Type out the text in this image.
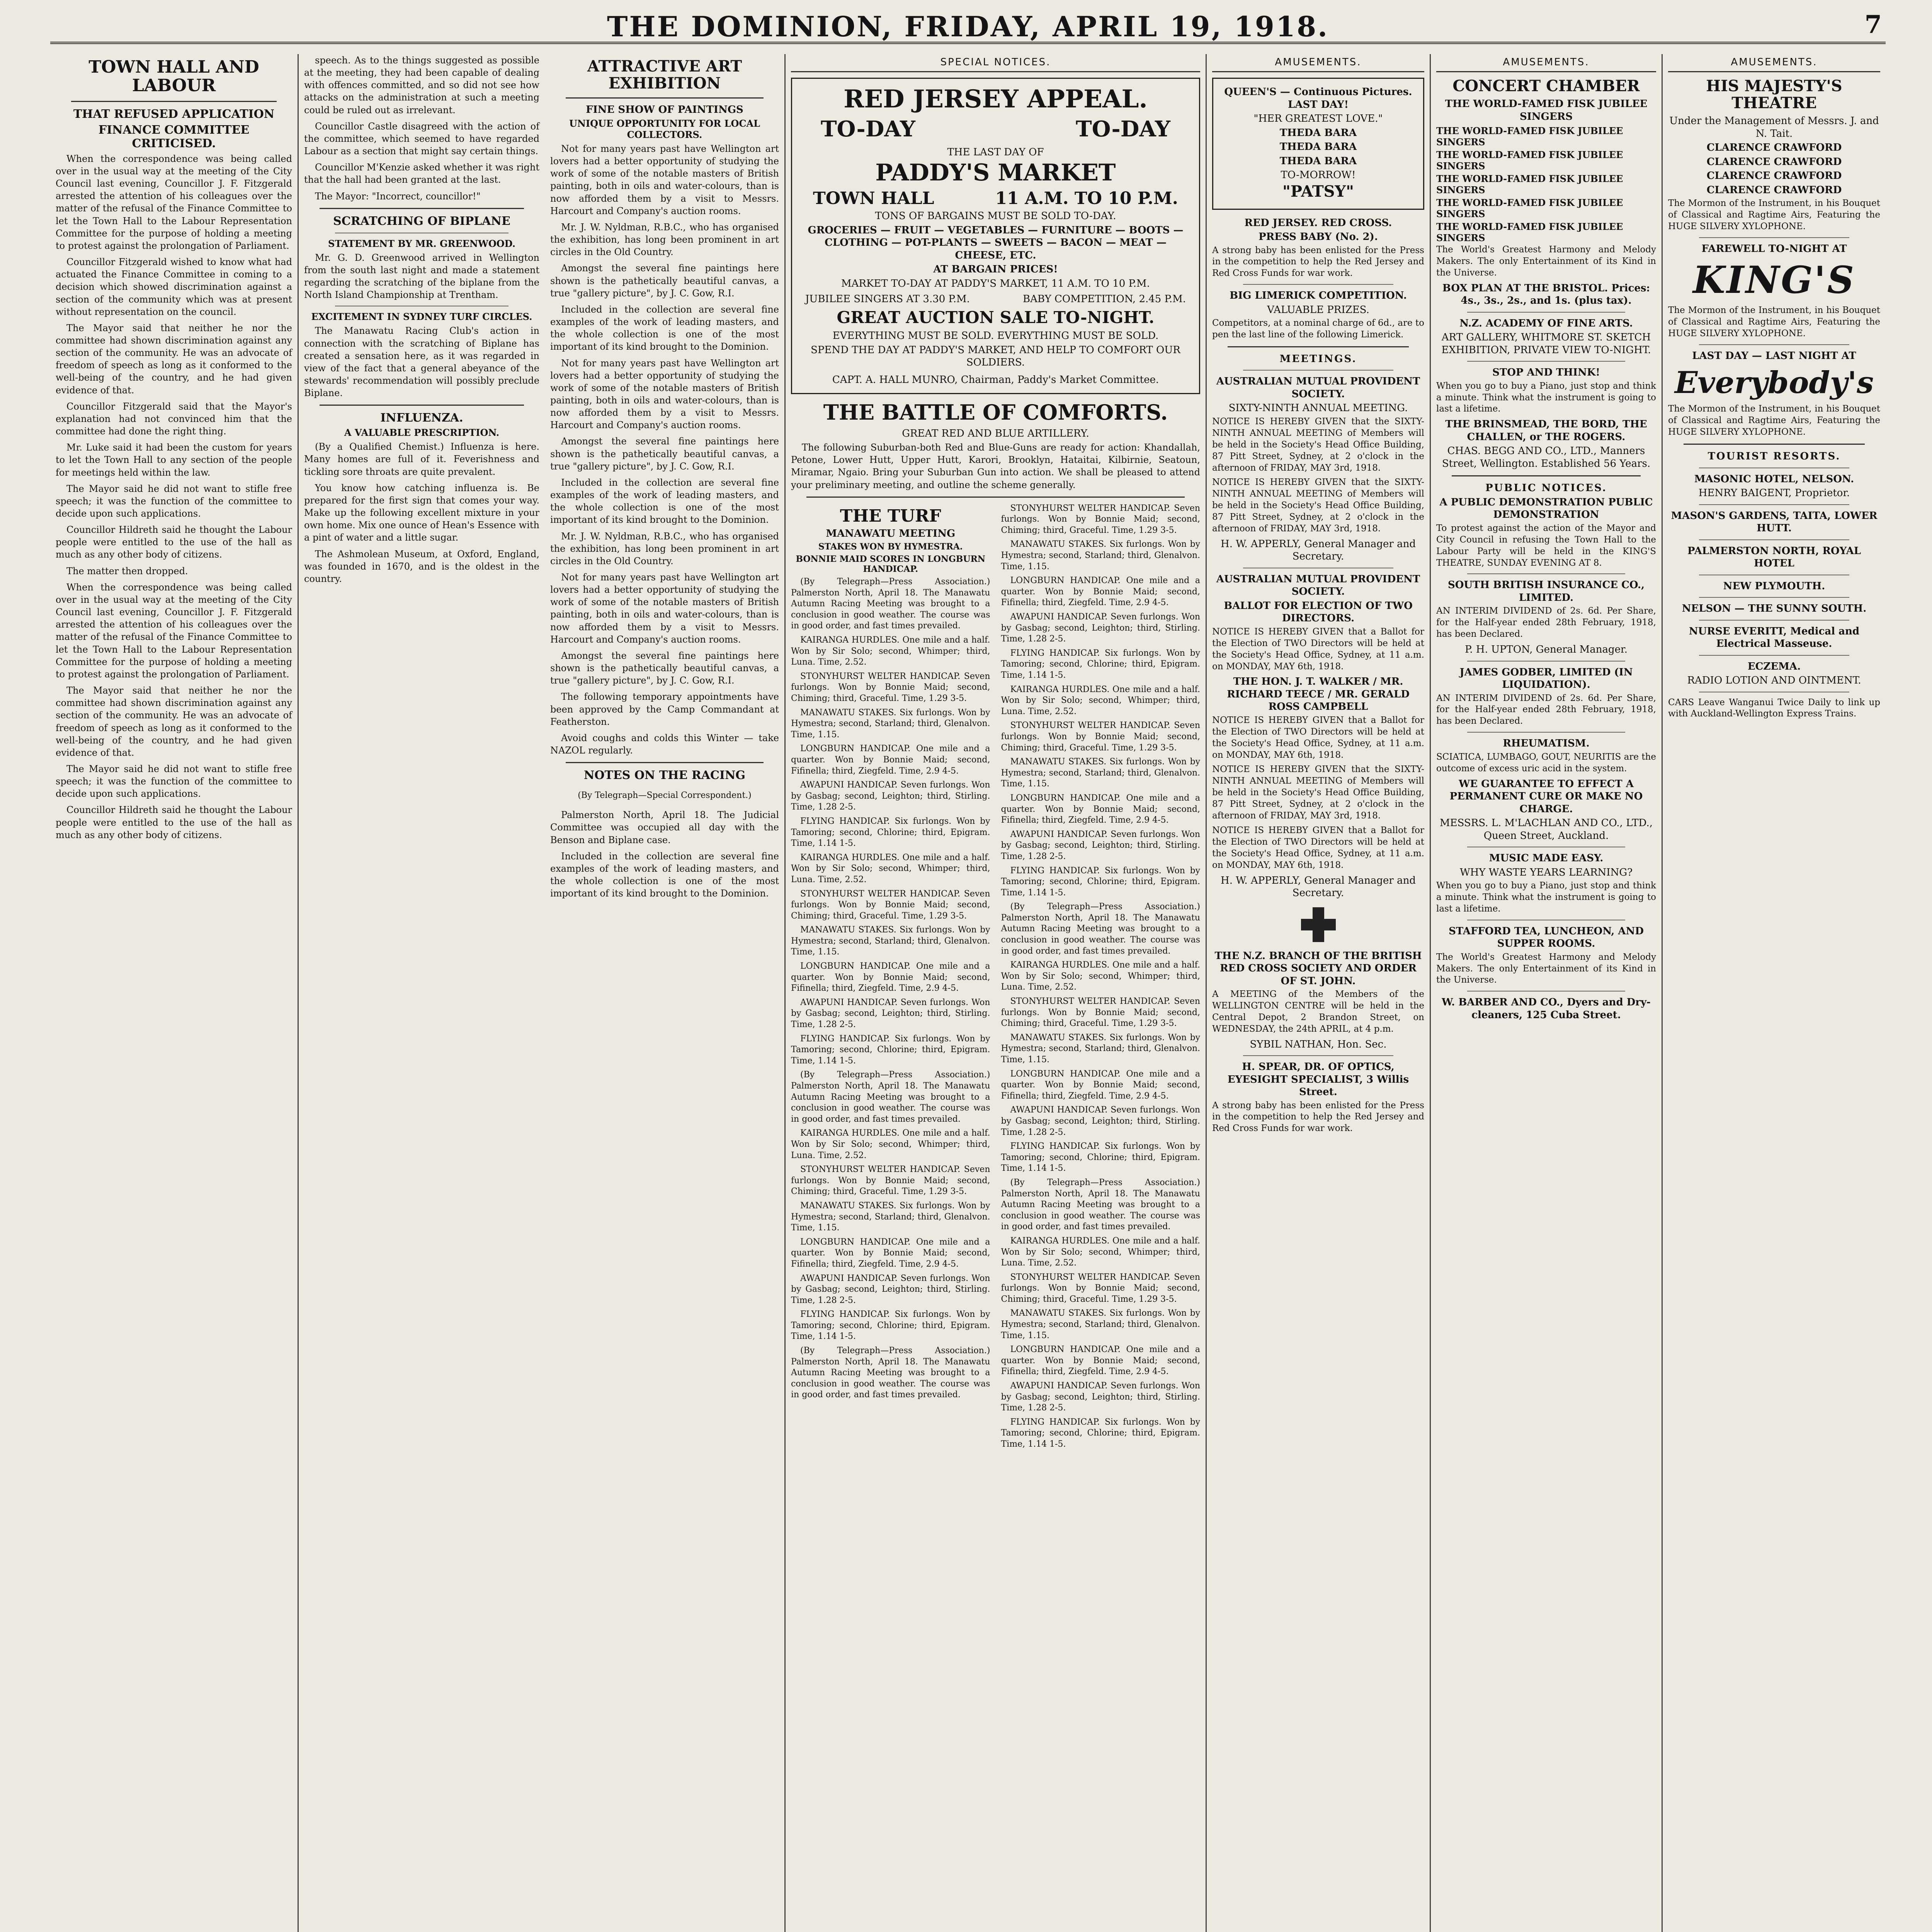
THE DOMINION, FRIDAY, APRIL 19, 1918.	7
TOWN HALL AND LABOUR
THAT REFUSED APPLICATION
FINANCE COMMITTEE CRITICISED.

When the correspondence was being called over in the usual way at the meeting of the City Council last evening, Councillor J. F. Fitzgerald arrested the attention of his colleagues over the matter of the refusal of the Finance Committee to let the Town Hall to the Labour Representation Committee for the purpose of holding a meeting to protest against the prolongation of Parliament.

Councillor Fitzgerald wished to know what had actuated the Finance Committee in coming to a decision which showed discrimination against a section of the community which was at present without representation on the council.

The Mayor said that neither he nor the committee had shown discrimination against any section of the community. He was an advocate of freedom of speech as long as it conformed to the well-being of the country, and he had given evidence of that.

Councillor Fitzgerald said that the Mayor's explanation had not convinced him that the committee had done the right thing.

Mr. Luke said it had been the custom for years to let the Town Hall to any section of the people for meetings held within the law.

The Mayor said he did not want to stifle free speech; it was the function of the committee to decide upon such applications.

Councillor Hildreth said he thought the Labour people were entitled to the use of the hall as much as any other body of citizens.

The matter then dropped.

When the correspondence was being called over in the usual way at the meeting of the City Council last evening, Councillor J. F. Fitzgerald arrested the attention of his colleagues over the matter of the refusal of the Finance Committee to let the Town Hall to the Labour Representation Committee for the purpose of holding a meeting to protest against the prolongation of Parliament.

The Mayor said that neither he nor the committee had shown discrimination against any section of the community. He was an advocate of freedom of speech as long as it conformed to the well-being of the country, and he had given evidence of that.

The Mayor said he did not want to stifle free speech; it was the function of the committee to decide upon such applications.

Councillor Hildreth said he thought the Labour people were entitled to the use of the hall as much as any other body of citizens.

speech. As to the things suggested as possible at the meeting, they had been capable of dealing with offences committed, and so did not see how attacks on the administration at such a meeting could be ruled out as irrelevant.

Councillor Castle disagreed with the action of the committee, which seemed to have regarded Labour as a section that might say certain things.

Councillor M'Kenzie asked whether it was right that the hall had been granted at the last.

The Mayor: "Incorrect, councillor!"

SCRATCHING OF BIPLANE
STATEMENT BY MR. GREENWOOD.

Mr. G. D. Greenwood arrived in Wellington from the south last night and made a statement regarding the scratching of the biplane from the North Island Championship at Trentham.

EXCITEMENT IN SYDNEY TURF CIRCLES.

The Manawatu Racing Club's action in connection with the scratching of Biplane has created a sensation here, as it was regarded in view of the fact that a general abeyance of the stewards' recommendation will possibly preclude Biplane.

INFLUENZA.
A VALUABLE PRESCRIPTION.

(By a Qualified Chemist.) Influenza is here. Many homes are full of it. Feverishness and tickling sore throats are quite prevalent.

You know how catching influenza is. Be prepared for the first sign that comes your way. Make up the following excellent mixture in your own home. Mix one ounce of Hean's Essence with a pint of water and a little sugar.

The Ashmolean Museum, at Oxford, England, was founded in 1670, and is the oldest in the country.

ATTRACTIVE ART EXHIBITION
FINE SHOW OF PAINTINGS
UNIQUE OPPORTUNITY FOR LOCAL COLLECTORS.

Not for many years past have Wellington art lovers had a better opportunity of studying the work of some of the notable masters of British painting, both in oils and water-colours, than is now afforded them by a visit to Messrs. Harcourt and Company's auction rooms.

Mr. J. W. Nyldman, R.B.C., who has organised the exhibition, has long been prominent in art circles in the Old Country.

Amongst the several fine paintings here shown is the pathetically beautiful canvas, a true "gallery picture", by J. C. Gow, R.I.

Included in the collection are several fine examples of the work of leading masters, and the whole collection is one of the most important of its kind brought to the Dominion.

Not for many years past have Wellington art lovers had a better opportunity of studying the work of some of the notable masters of British painting, both in oils and water-colours, than is now afforded them by a visit to Messrs. Harcourt and Company's auction rooms.

Amongst the several fine paintings here shown is the pathetically beautiful canvas, a true "gallery picture", by J. C. Gow, R.I.

Included in the collection are several fine examples of the work of leading masters, and the whole collection is one of the most important of its kind brought to the Dominion.

Mr. J. W. Nyldman, R.B.C., who has organised the exhibition, has long been prominent in art circles in the Old Country.

Not for many years past have Wellington art lovers had a better opportunity of studying the work of some of the notable masters of British painting, both in oils and water-colours, than is now afforded them by a visit to Messrs. Harcourt and Company's auction rooms.

Amongst the several fine paintings here shown is the pathetically beautiful canvas, a true "gallery picture", by J. C. Gow, R.I.

The following temporary appointments have been approved by the Camp Commandant at Featherston.

Avoid coughs and colds this Winter — take NAZOL regularly.

NOTES ON THE RACING

(By Telegraph—Special Correspondent.)

Palmerston North, April 18. The Judicial Committee was occupied all day with the Benson and Biplane case.

Included in the collection are several fine examples of the work of leading masters, and the whole collection is one of the most important of its kind brought to the Dominion.

SPECIAL NOTICES.
RED JERSEY APPEAL.
TO-DAY	TO-DAY
THE LAST DAY OF
PADDY'S MARKET
TOWN HALL	11 A.M. TO 10 P.M.
TONS OF BARGAINS MUST BE SOLD TO-DAY.
GROCERIES — FRUIT — VEGETABLES — FURNITURE — BOOTS — CLOTHING — POT-PLANTS — SWEETS — BACON — MEAT — CHEESE, ETC.
AT BARGAIN PRICES!
MARKET TO-DAY AT PADDY'S MARKET, 11 A.M. TO 10 P.M.
JUBILEE SINGERS AT 3.30 P.M.	BABY COMPETITION, 2.45 P.M.
GREAT AUCTION SALE TO-NIGHT.
EVERYTHING MUST BE SOLD. EVERYTHING MUST BE SOLD.
SPEND THE DAY AT PADDY'S MARKET, AND HELP TO COMFORT OUR SOLDIERS.
CAPT. A. HALL MUNRO, Chairman, Paddy's Market Committee.
THE BATTLE OF COMFORTS.
GREAT RED AND BLUE ARTILLERY.

The following Suburban-both Red and Blue-Guns are ready for action: Khandallah, Petone, Lower Hutt, Upper Hutt, Karori, Brooklyn, Hataitai, Kilbirnie, Seatoun, Miramar, Ngaio. Bring your Suburban Gun into action. We shall be pleased to attend your preliminary meeting, and outline the scheme generally.

THE TURF
MANAWATU MEETING
STAKES WON BY HYMESTRA.
BONNIE MAID SCORES IN LONGBURN HANDICAP.

(By Telegraph—Press Association.) Palmerston North, April 18. The Manawatu Autumn Racing Meeting was brought to a conclusion in good weather. The course was in good order, and fast times prevailed.

KAIRANGA HURDLES. One mile and a half. Won by Sir Solo; second, Whimper; third, Luna. Time, 2.52.

STONYHURST WELTER HANDICAP. Seven furlongs. Won by Bonnie Maid; second, Chiming; third, Graceful. Time, 1.29 3-5.

MANAWATU STAKES. Six furlongs. Won by Hymestra; second, Starland; third, Glenalvon. Time, 1.15.

LONGBURN HANDICAP. One mile and a quarter. Won by Bonnie Maid; second, Fifinella; third, Ziegfeld. Time, 2.9 4-5.

AWAPUNI HANDICAP. Seven furlongs. Won by Gasbag; second, Leighton; third, Stirling. Time, 1.28 2-5.

FLYING HANDICAP. Six furlongs. Won by Tamoring; second, Chlorine; third, Epigram. Time, 1.14 1-5.

KAIRANGA HURDLES. One mile and a half. Won by Sir Solo; second, Whimper; third, Luna. Time, 2.52.

STONYHURST WELTER HANDICAP. Seven furlongs. Won by Bonnie Maid; second, Chiming; third, Graceful. Time, 1.29 3-5.

MANAWATU STAKES. Six furlongs. Won by Hymestra; second, Starland; third, Glenalvon. Time, 1.15.

LONGBURN HANDICAP. One mile and a quarter. Won by Bonnie Maid; second, Fifinella; third, Ziegfeld. Time, 2.9 4-5.

AWAPUNI HANDICAP. Seven furlongs. Won by Gasbag; second, Leighton; third, Stirling. Time, 1.28 2-5.

FLYING HANDICAP. Six furlongs. Won by Tamoring; second, Chlorine; third, Epigram. Time, 1.14 1-5.

(By Telegraph—Press Association.) Palmerston North, April 18. The Manawatu Autumn Racing Meeting was brought to a conclusion in good weather. The course was in good order, and fast times prevailed.

KAIRANGA HURDLES. One mile and a half. Won by Sir Solo; second, Whimper; third, Luna. Time, 2.52.

STONYHURST WELTER HANDICAP. Seven furlongs. Won by Bonnie Maid; second, Chiming; third, Graceful. Time, 1.29 3-5.

MANAWATU STAKES. Six furlongs. Won by Hymestra; second, Starland; third, Glenalvon. Time, 1.15.

LONGBURN HANDICAP. One mile and a quarter. Won by Bonnie Maid; second, Fifinella; third, Ziegfeld. Time, 2.9 4-5.

AWAPUNI HANDICAP. Seven furlongs. Won by Gasbag; second, Leighton; third, Stirling. Time, 1.28 2-5.

FLYING HANDICAP. Six furlongs. Won by Tamoring; second, Chlorine; third, Epigram. Time, 1.14 1-5.

(By Telegraph—Press Association.) Palmerston North, April 18. The Manawatu Autumn Racing Meeting was brought to a conclusion in good weather. The course was in good order, and fast times prevailed.

STONYHURST WELTER HANDICAP. Seven furlongs. Won by Bonnie Maid; second, Chiming; third, Graceful. Time, 1.29 3-5.

MANAWATU STAKES. Six furlongs. Won by Hymestra; second, Starland; third, Glenalvon. Time, 1.15.

LONGBURN HANDICAP. One mile and a quarter. Won by Bonnie Maid; second, Fifinella; third, Ziegfeld. Time, 2.9 4-5.

AWAPUNI HANDICAP. Seven furlongs. Won by Gasbag; second, Leighton; third, Stirling. Time, 1.28 2-5.

FLYING HANDICAP. Six furlongs. Won by Tamoring; second, Chlorine; third, Epigram. Time, 1.14 1-5.

KAIRANGA HURDLES. One mile and a half. Won by Sir Solo; second, Whimper; third, Luna. Time, 2.52.

STONYHURST WELTER HANDICAP. Seven furlongs. Won by Bonnie Maid; second, Chiming; third, Graceful. Time, 1.29 3-5.

MANAWATU STAKES. Six furlongs. Won by Hymestra; second, Starland; third, Glenalvon. Time, 1.15.

LONGBURN HANDICAP. One mile and a quarter. Won by Bonnie Maid; second, Fifinella; third, Ziegfeld. Time, 2.9 4-5.

AWAPUNI HANDICAP. Seven furlongs. Won by Gasbag; second, Leighton; third, Stirling. Time, 1.28 2-5.

FLYING HANDICAP. Six furlongs. Won by Tamoring; second, Chlorine; third, Epigram. Time, 1.14 1-5.

(By Telegraph—Press Association.) Palmerston North, April 18. The Manawatu Autumn Racing Meeting was brought to a conclusion in good weather. The course was in good order, and fast times prevailed.

KAIRANGA HURDLES. One mile and a half. Won by Sir Solo; second, Whimper; third, Luna. Time, 2.52.

STONYHURST WELTER HANDICAP. Seven furlongs. Won by Bonnie Maid; second, Chiming; third, Graceful. Time, 1.29 3-5.

MANAWATU STAKES. Six furlongs. Won by Hymestra; second, Starland; third, Glenalvon. Time, 1.15.

LONGBURN HANDICAP. One mile and a quarter. Won by Bonnie Maid; second, Fifinella; third, Ziegfeld. Time, 2.9 4-5.

AWAPUNI HANDICAP. Seven furlongs. Won by Gasbag; second, Leighton; third, Stirling. Time, 1.28 2-5.

FLYING HANDICAP. Six furlongs. Won by Tamoring; second, Chlorine; third, Epigram. Time, 1.14 1-5.

(By Telegraph—Press Association.) Palmerston North, April 18. The Manawatu Autumn Racing Meeting was brought to a conclusion in good weather. The course was in good order, and fast times prevailed.

KAIRANGA HURDLES. One mile and a half. Won by Sir Solo; second, Whimper; third, Luna. Time, 2.52.

STONYHURST WELTER HANDICAP. Seven furlongs. Won by Bonnie Maid; second, Chiming; third, Graceful. Time, 1.29 3-5.

MANAWATU STAKES. Six furlongs. Won by Hymestra; second, Starland; third, Glenalvon. Time, 1.15.

LONGBURN HANDICAP. One mile and a quarter. Won by Bonnie Maid; second, Fifinella; third, Ziegfeld. Time, 2.9 4-5.

AWAPUNI HANDICAP. Seven furlongs. Won by Gasbag; second, Leighton; third, Stirling. Time, 1.28 2-5.

FLYING HANDICAP. Six furlongs. Won by Tamoring; second, Chlorine; third, Epigram. Time, 1.14 1-5.

AMUSEMENTS.
QUEEN'S — Continuous Pictures. LAST DAY!
"HER GREATEST LOVE."
THEDA BARA
THEDA BARA
THEDA BARA
TO-MORROW!
"PATSY"
RED JERSEY. RED CROSS.
PRESS BABY (No. 2).

A strong baby has been enlisted for the Press in the competition to help the Red Jersey and Red Cross Funds for war work.

BIG LIMERICK COMPETITION.
VALUABLE PRIZES.

Competitors, at a nominal charge of 6d., are to pen the last line of the following Limerick.

MEETINGS.
AUSTRALIAN MUTUAL PROVIDENT SOCIETY.
SIXTY-NINTH ANNUAL MEETING.

NOTICE IS HEREBY GIVEN that the SIXTY-NINTH ANNUAL MEETING of Members will be held in the Society's Head Office Building, 87 Pitt Street, Sydney, at 2 o'clock in the afternoon of FRIDAY, MAY 3rd, 1918.

NOTICE IS HEREBY GIVEN that the SIXTY-NINTH ANNUAL MEETING of Members will be held in the Society's Head Office Building, 87 Pitt Street, Sydney, at 2 o'clock in the afternoon of FRIDAY, MAY 3rd, 1918.

H. W. APPERLY, General Manager and Secretary.
AUSTRALIAN MUTUAL PROVIDENT SOCIETY.
BALLOT FOR ELECTION OF TWO DIRECTORS.

NOTICE IS HEREBY GIVEN that a Ballot for the Election of TWO Directors will be held at the Society's Head Office, Sydney, at 11 a.m. on MONDAY, MAY 6th, 1918.

THE HON. J. T. WALKER / MR. RICHARD TEECE / MR. GERALD ROSS CAMPBELL

NOTICE IS HEREBY GIVEN that a Ballot for the Election of TWO Directors will be held at the Society's Head Office, Sydney, at 11 a.m. on MONDAY, MAY 6th, 1918.

NOTICE IS HEREBY GIVEN that the SIXTY-NINTH ANNUAL MEETING of Members will be held in the Society's Head Office Building, 87 Pitt Street, Sydney, at 2 o'clock in the afternoon of FRIDAY, MAY 3rd, 1918.

NOTICE IS HEREBY GIVEN that a Ballot for the Election of TWO Directors will be held at the Society's Head Office, Sydney, at 11 a.m. on MONDAY, MAY 6th, 1918.

H. W. APPERLY, General Manager and Secretary.
THE N.Z. BRANCH OF THE BRITISH RED CROSS SOCIETY AND ORDER OF ST. JOHN.

A MEETING of the Members of the WELLINGTON CENTRE will be held in the Central Depot, 2 Brandon Street, on WEDNESDAY, the 24th APRIL, at 4 p.m.

SYBIL NATHAN, Hon. Sec.
H. SPEAR, DR. OF OPTICS, EYESIGHT SPECIALIST, 3 Willis Street.

A strong baby has been enlisted for the Press in the competition to help the Red Jersey and Red Cross Funds for war work.

AMUSEMENTS.
CONCERT CHAMBER
THE WORLD-FAMED FISK JUBILEE SINGERS
THE WORLD-FAMED FISK JUBILEE SINGERS
THE WORLD-FAMED FISK JUBILEE SINGERS
THE WORLD-FAMED FISK JUBILEE SINGERS
THE WORLD-FAMED FISK JUBILEE SINGERS
THE WORLD-FAMED FISK JUBILEE SINGERS

The World's Greatest Harmony and Melody Makers. The only Entertainment of its Kind in the Universe.

BOX PLAN AT THE BRISTOL. Prices: 4s., 3s., 2s., and 1s. (plus tax).
N.Z. ACADEMY OF FINE ARTS.
ART GALLERY, WHITMORE ST. SKETCH EXHIBITION, PRIVATE VIEW TO-NIGHT.
STOP AND THINK!

When you go to buy a Piano, just stop and think a minute. Think what the instrument is going to last a lifetime.

THE BRINSMEAD, THE BORD, THE CHALLEN, or THE ROGERS.
CHAS. BEGG AND CO., LTD., Manners Street, Wellington. Established 56 Years.
PUBLIC NOTICES.
A PUBLIC DEMONSTRATION PUBLIC DEMONSTRATION

To protest against the action of the Mayor and City Council in refusing the Town Hall to the Labour Party will be held in the KING'S THEATRE, SUNDAY EVENING AT 8.

SOUTH BRITISH INSURANCE CO., LIMITED.

AN INTERIM DIVIDEND of 2s. 6d. Per Share, for the Half-year ended 28th February, 1918, has been Declared.

P. H. UPTON, General Manager.
JAMES GODBER, LIMITED (IN LIQUIDATION).

AN INTERIM DIVIDEND of 2s. 6d. Per Share, for the Half-year ended 28th February, 1918, has been Declared.

RHEUMATISM.

SCIATICA, LUMBAGO, GOUT, NEURITIS are the outcome of excess uric acid in the system.

WE GUARANTEE TO EFFECT A PERMANENT CURE OR MAKE NO CHARGE.
MESSRS. L. M'LACHLAN AND CO., LTD., Queen Street, Auckland.
MUSIC MADE EASY.
WHY WASTE YEARS LEARNING?

When you go to buy a Piano, just stop and think a minute. Think what the instrument is going to last a lifetime.

STAFFORD TEA, LUNCHEON, AND SUPPER ROOMS.

The World's Greatest Harmony and Melody Makers. The only Entertainment of its Kind in the Universe.

W. BARBER AND CO., Dyers and Dry-cleaners, 125 Cuba Street.
AMUSEMENTS.
HIS MAJESTY'S THEATRE
Under the Management of Messrs. J. and N. Tait.
CLARENCE CRAWFORD
CLARENCE CRAWFORD
CLARENCE CRAWFORD
CLARENCE CRAWFORD

The Mormon of the Instrument, in his Bouquet of Classical and Ragtime Airs, Featuring the HUGE SILVERY XYLOPHONE.

FAREWELL TO-NIGHT AT
KING'S

The Mormon of the Instrument, in his Bouquet of Classical and Ragtime Airs, Featuring the HUGE SILVERY XYLOPHONE.

LAST DAY — LAST NIGHT AT
Everybody's

The Mormon of the Instrument, in his Bouquet of Classical and Ragtime Airs, Featuring the HUGE SILVERY XYLOPHONE.

TOURIST RESORTS.
MASONIC HOTEL, NELSON.
HENRY BAIGENT, Proprietor.
MASON'S GARDENS, TAITA, LOWER HUTT.
PALMERSTON NORTH, ROYAL HOTEL
NEW PLYMOUTH.
NELSON — THE SUNNY SOUTH.
NURSE EVERITT, Medical and Electrical Masseuse.
ECZEMA.
RADIO LOTION AND OINTMENT.

CARS Leave Wanganui Twice Daily to link up with Auckland-Wellington Express Trains.
